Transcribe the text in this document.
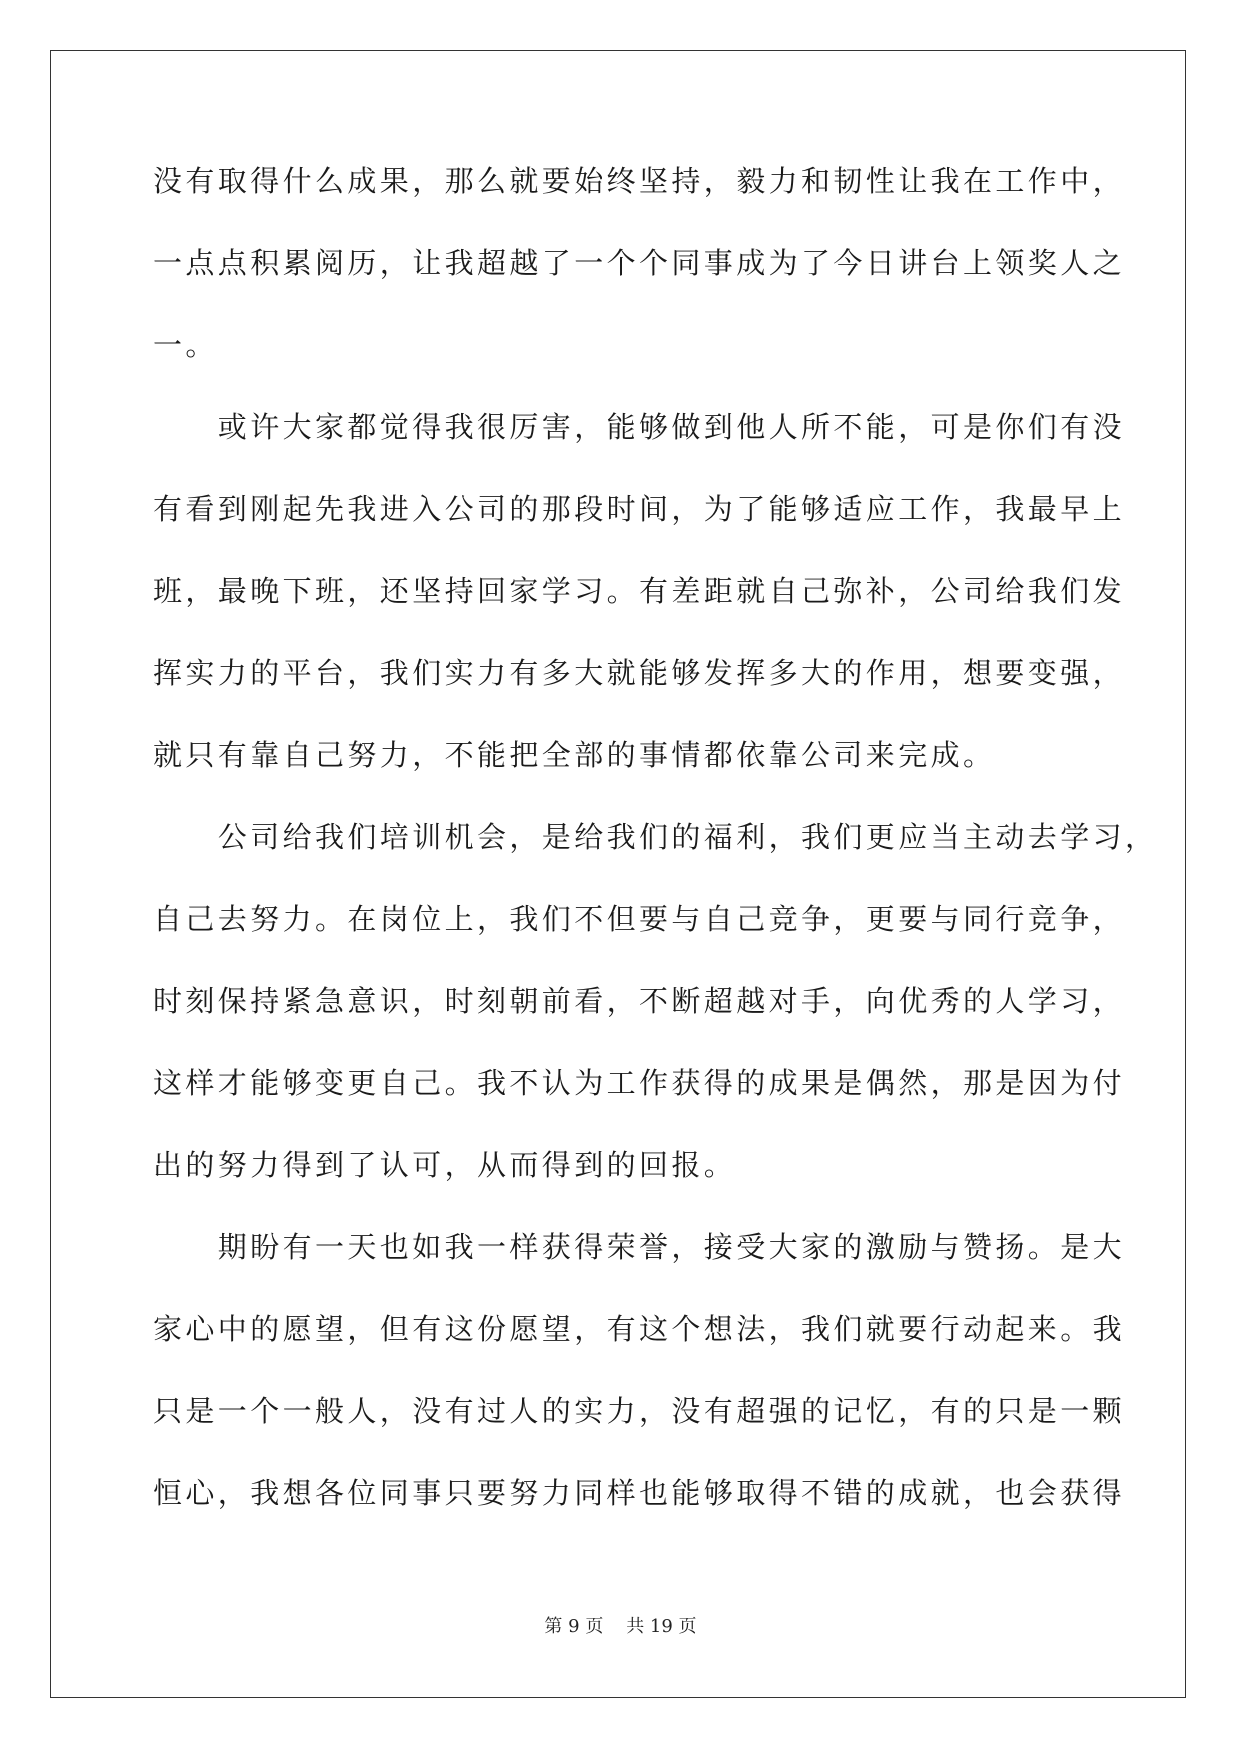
没有取得什么成果，那么就要始终坚持，毅力和韧性让我在工作中，
一点点积累阅历，让我超越了一个个同事成为了今日讲台上领奖人之
一。
　　或许大家都觉得我很厉害，能够做到他人所不能，可是你们有没
有看到刚起先我进入公司的那段时间，为了能够适应工作，我最早上
班，最晚下班，还坚持回家学习。有差距就自己弥补，公司给我们发
挥实力的平台，我们实力有多大就能够发挥多大的作用，想要变强，
就只有靠自己努力，不能把全部的事情都依靠公司来完成。
　　公司给我们培训机会，是给我们的福利，我们更应当主动去学习，
自己去努力。在岗位上，我们不但要与自己竞争，更要与同行竞争，
时刻保持紧急意识，时刻朝前看，不断超越对手，向优秀的人学习，
这样才能够变更自己。我不认为工作获得的成果是偶然，那是因为付
出的努力得到了认可，从而得到的回报。
　　期盼有一天也如我一样获得荣誉，接受大家的激励与赞扬。是大
家心中的愿望，但有这份愿望，有这个想法，我们就要行动起来。我
只是一个一般人，没有过人的实力，没有超强的记忆，有的只是一颗
恒心，我想各位同事只要努力同样也能够取得不错的成就，也会获得
第 9 页    共 19 页
